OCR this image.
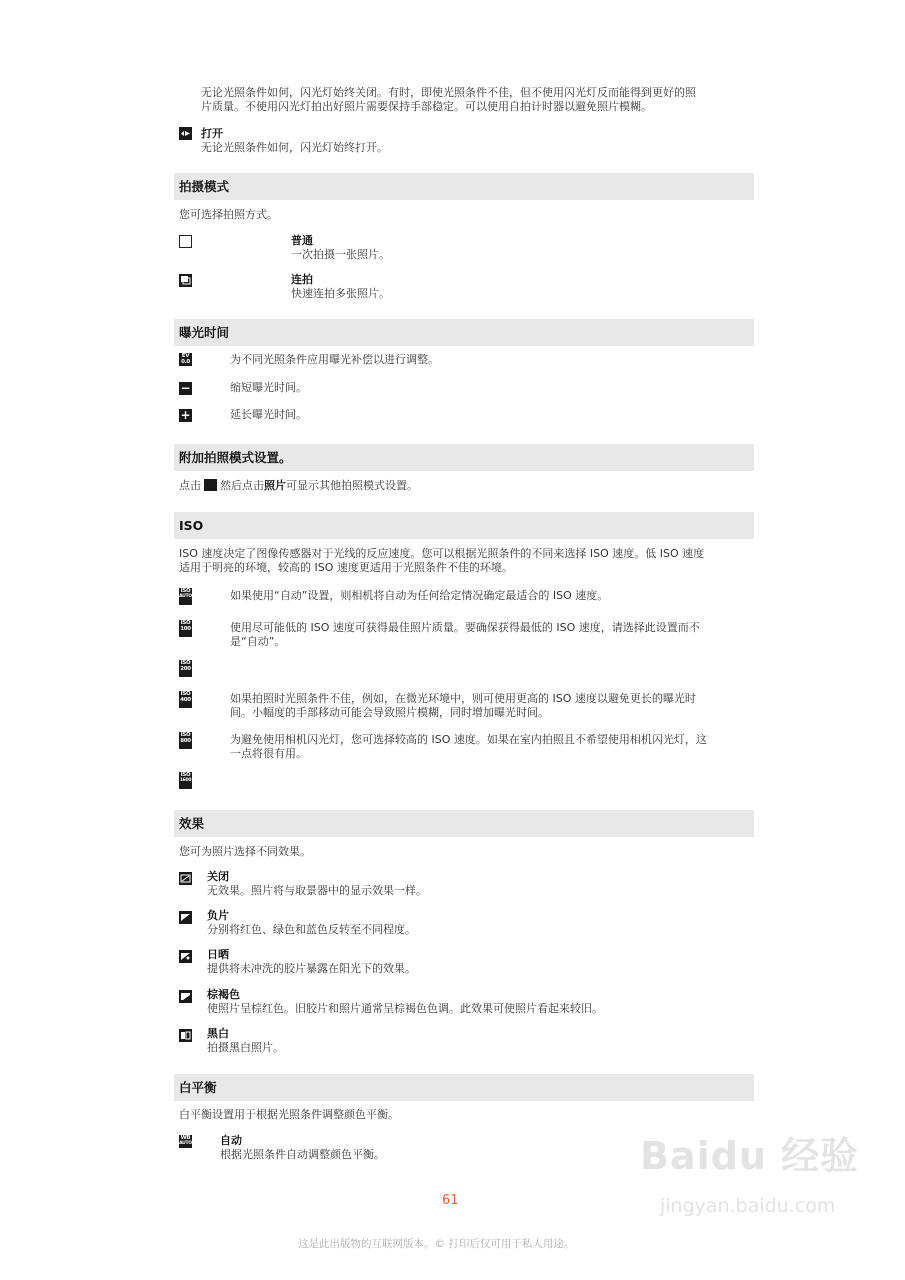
无论光照条件如何，闪光灯始终关闭。有时，即使光照条件不佳，但不使用闪光灯反而能得到更好的照
片质量。不使用闪光灯拍出好照片需要保持手部稳定。可以使用自拍计时器以避免照片模糊。
打开
无论光照条件如何，闪光灯始终打开。
拍摄模式
您可选择拍照方式。
普通
一次拍摄一张照片。
连拍
快速连拍多张照片。
曝光时间
EV
0.0	为不同光照条件应用曝光补偿以进行调整。
−	缩短曝光时间。
+	延长曝光时间。
附加拍照模式设置。
点击 然后点击照片可显示其他拍照模式设置。
ISO
ISO 速度决定了图像传感器对于光线的反应速度。您可以根据光照条件的不同来选择 ISO 速度。低 ISO 速度
适用于明亮的环境，较高的 ISO 速度更适用于光照条件不佳的环境。
ISO
AUTO	如果使用“自动”设置，则相机将自动为任何给定情况确定最适合的 ISO 速度。
ISO
100	使用尽可能低的 ISO 速度可获得最佳照片质量。要确保获得最低的 ISO 速度，请选择此设置而不
是“自动”。
ISO
200
ISO
400	如果拍照时光照条件不佳，例如，在微光环境中，则可使用更高的 ISO 速度以避免更长的曝光时
间。小幅度的手部移动可能会导致照片模糊，同时增加曝光时间。
ISO
800	为避免使用相机闪光灯，您可选择较高的 ISO 速度。如果在室内拍照且不希望使用相机闪光灯，这
一点将很有用。
ISO
1600
效果
您可为照片选择不同效果。
关闭
无效果。照片将与取景器中的显示效果一样。
负片
分别将红色、绿色和蓝色反转至不同程度。
日晒
提供将未冲洗的胶片暴露在阳光下的效果。
棕褐色
使照片呈棕红色。旧胶片和照片通常呈棕褐色色调。此效果可使照片看起来较旧。
黑白
拍摄黑白照片。
白平衡
白平衡设置用于根据光照条件调整颜色平衡。
WB
AUTO	自动
根据光照条件自动调整颜色平衡。
61
Baidu 经验
jingyan.baidu.com
这是此出版物的互联网版本。© 打印后仅可用于私人用途。
